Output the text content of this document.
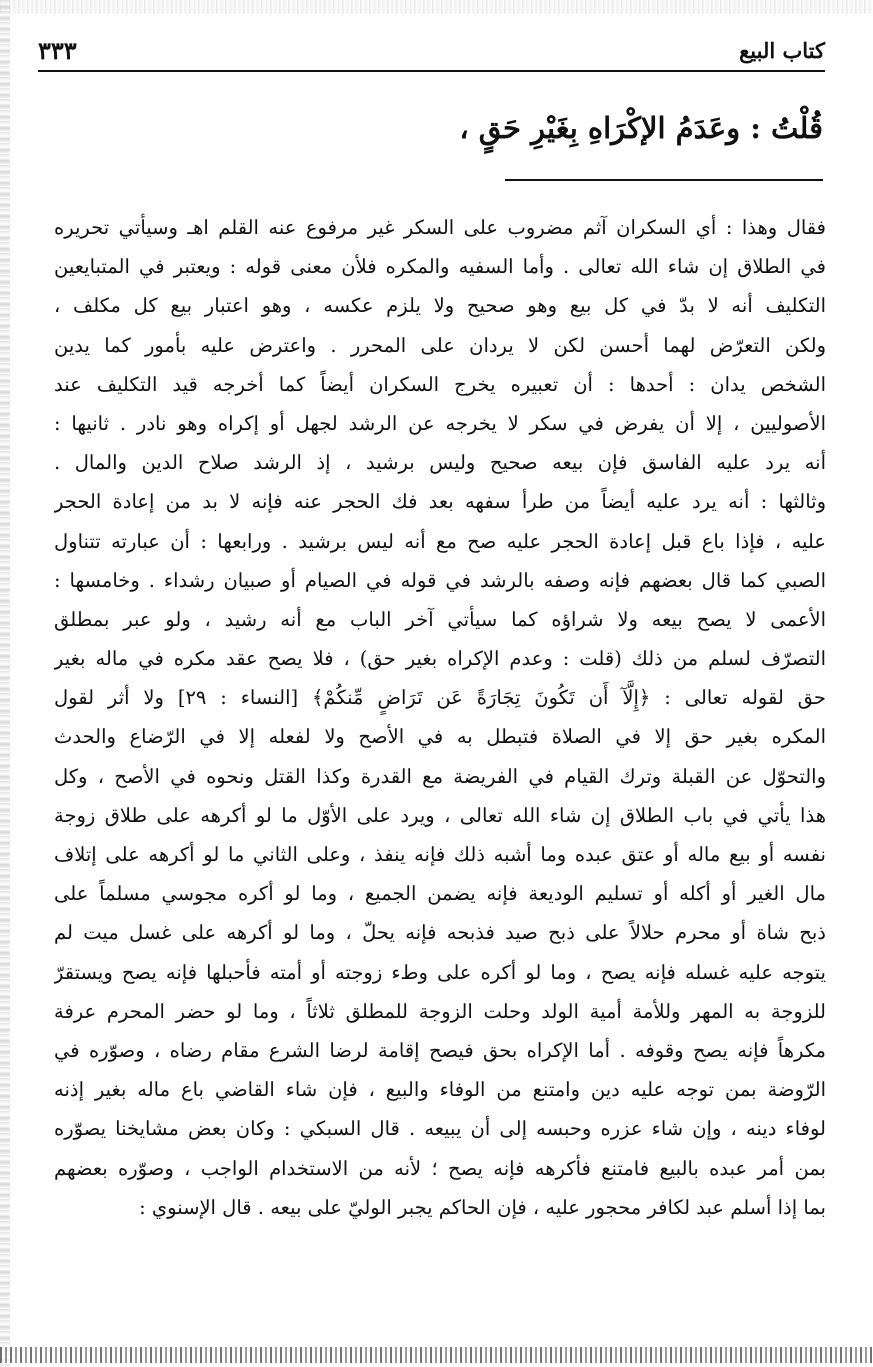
كتاب البيع
٣٣٣
قُلْتُ : وعَدَمُ الإكْرَاهِ بِغَيْرِ حَقٍ ،
فقال وهذا : أي السكران آثم مضروب على السكر غير مرفوع عنه القلم اهـ وسيأتي تحريره
في الطلاق إن شاء الله تعالى . وأما السفيه والمكره فلأن معنى قوله : ويعتبر في المتبايعين
التكليف أنه لا بدّ في كل بيع وهو صحيح ولا يلزم عكسه ، وهو اعتبار بيع كل مكلف ،
ولكن التعرّض لهما أحسن لكن لا يردان على المحرر . واعترض عليه بأمور كما يدين
الشخص يدان : أحدها : أن تعبيره يخرج السكران أيضاً كما أخرجه قيد التكليف عند
الأصوليين ، إلا أن يفرض في سكر لا يخرجه عن الرشد لجهل أو إكراه وهو نادر . ثانيها :
أنه يرد عليه الفاسق فإن بيعه صحيح وليس برشيد ، إذ الرشد صلاح الدين والمال .
وثالثها : أنه يرد عليه أيضاً من طرأ سفهه بعد فك الحجر عنه فإنه لا بد من إعادة الحجر
عليه ، فإذا باع قبل إعادة الحجر عليه صح مع أنه ليس برشيد . ورابعها : أن عبارته تتناول
الصبي كما قال بعضهم فإنه وصفه بالرشد في قوله في الصيام أو صبيان رشداء . وخامسها :
الأعمى لا يصح بيعه ولا شراؤه كما سيأتي آخر الباب مع أنه رشيد ، ولو عبر بمطلق
التصرّف لسلم من ذلك (قلت : وعدم الإكراه بغير حق) ، فلا يصح عقد مكره في ماله بغير
حق لقوله تعالى : ﴿إِلَّآ أَن تَكُونَ تِجَارَةً عَن تَرَاضٍ مِّنكُمْ﴾ [النساء : ٢٩] ولا أثر لقول
المكره بغير حق إلا في الصلاة فتبطل به في الأصح ولا لفعله إلا في الرّضاع والحدث
والتحوّل عن القبلة وترك القيام في الفريضة مع القدرة وكذا القتل ونحوه في الأصح ، وكل
هذا يأتي في باب الطلاق إن شاء الله تعالى ، ويرد على الأوّل ما لو أكرهه على طلاق زوجة
نفسه أو بيع ماله أو عتق عبده وما أشبه ذلك فإنه ينفذ ، وعلى الثاني ما لو أكرهه على إتلاف
مال الغير أو أكله أو تسليم الوديعة فإنه يضمن الجميع ، وما لو أكره مجوسي مسلماً على
ذبح شاة أو محرم حلالاً على ذبح صيد فذبحه فإنه يحلّ ، وما لو أكرهه على غسل ميت لم
يتوجه عليه غسله فإنه يصح ، وما لو أكره على وطء زوجته أو أمته فأحبلها فإنه يصح ويستقرّ
للزوجة به المهر وللأمة أمية الولد وحلت الزوجة للمطلق ثلاثاً ، وما لو حضر المحرم عرفة
مكرهاً فإنه يصح وقوفه . أما الإكراه بحق فيصح إقامة لرضا الشرع مقام رضاه ، وصوّره في
الرّوضة بمن توجه عليه دين وامتنع من الوفاء والبيع ، فإن شاء القاضي باع ماله بغير إذنه
لوفاء دينه ، وإن شاء عزره وحبسه إلى أن يبيعه . قال السبكي : وكان بعض مشايخنا يصوّره
بمن أمر عبده بالبيع فامتنع فأكرهه فإنه يصح ؛ لأنه من الاستخدام الواجب ، وصوّره بعضهم
بما إذا أسلم عبد لكافر محجور عليه ، فإن الحاكم يجبر الوليّ على بيعه . قال الإسنوي :
